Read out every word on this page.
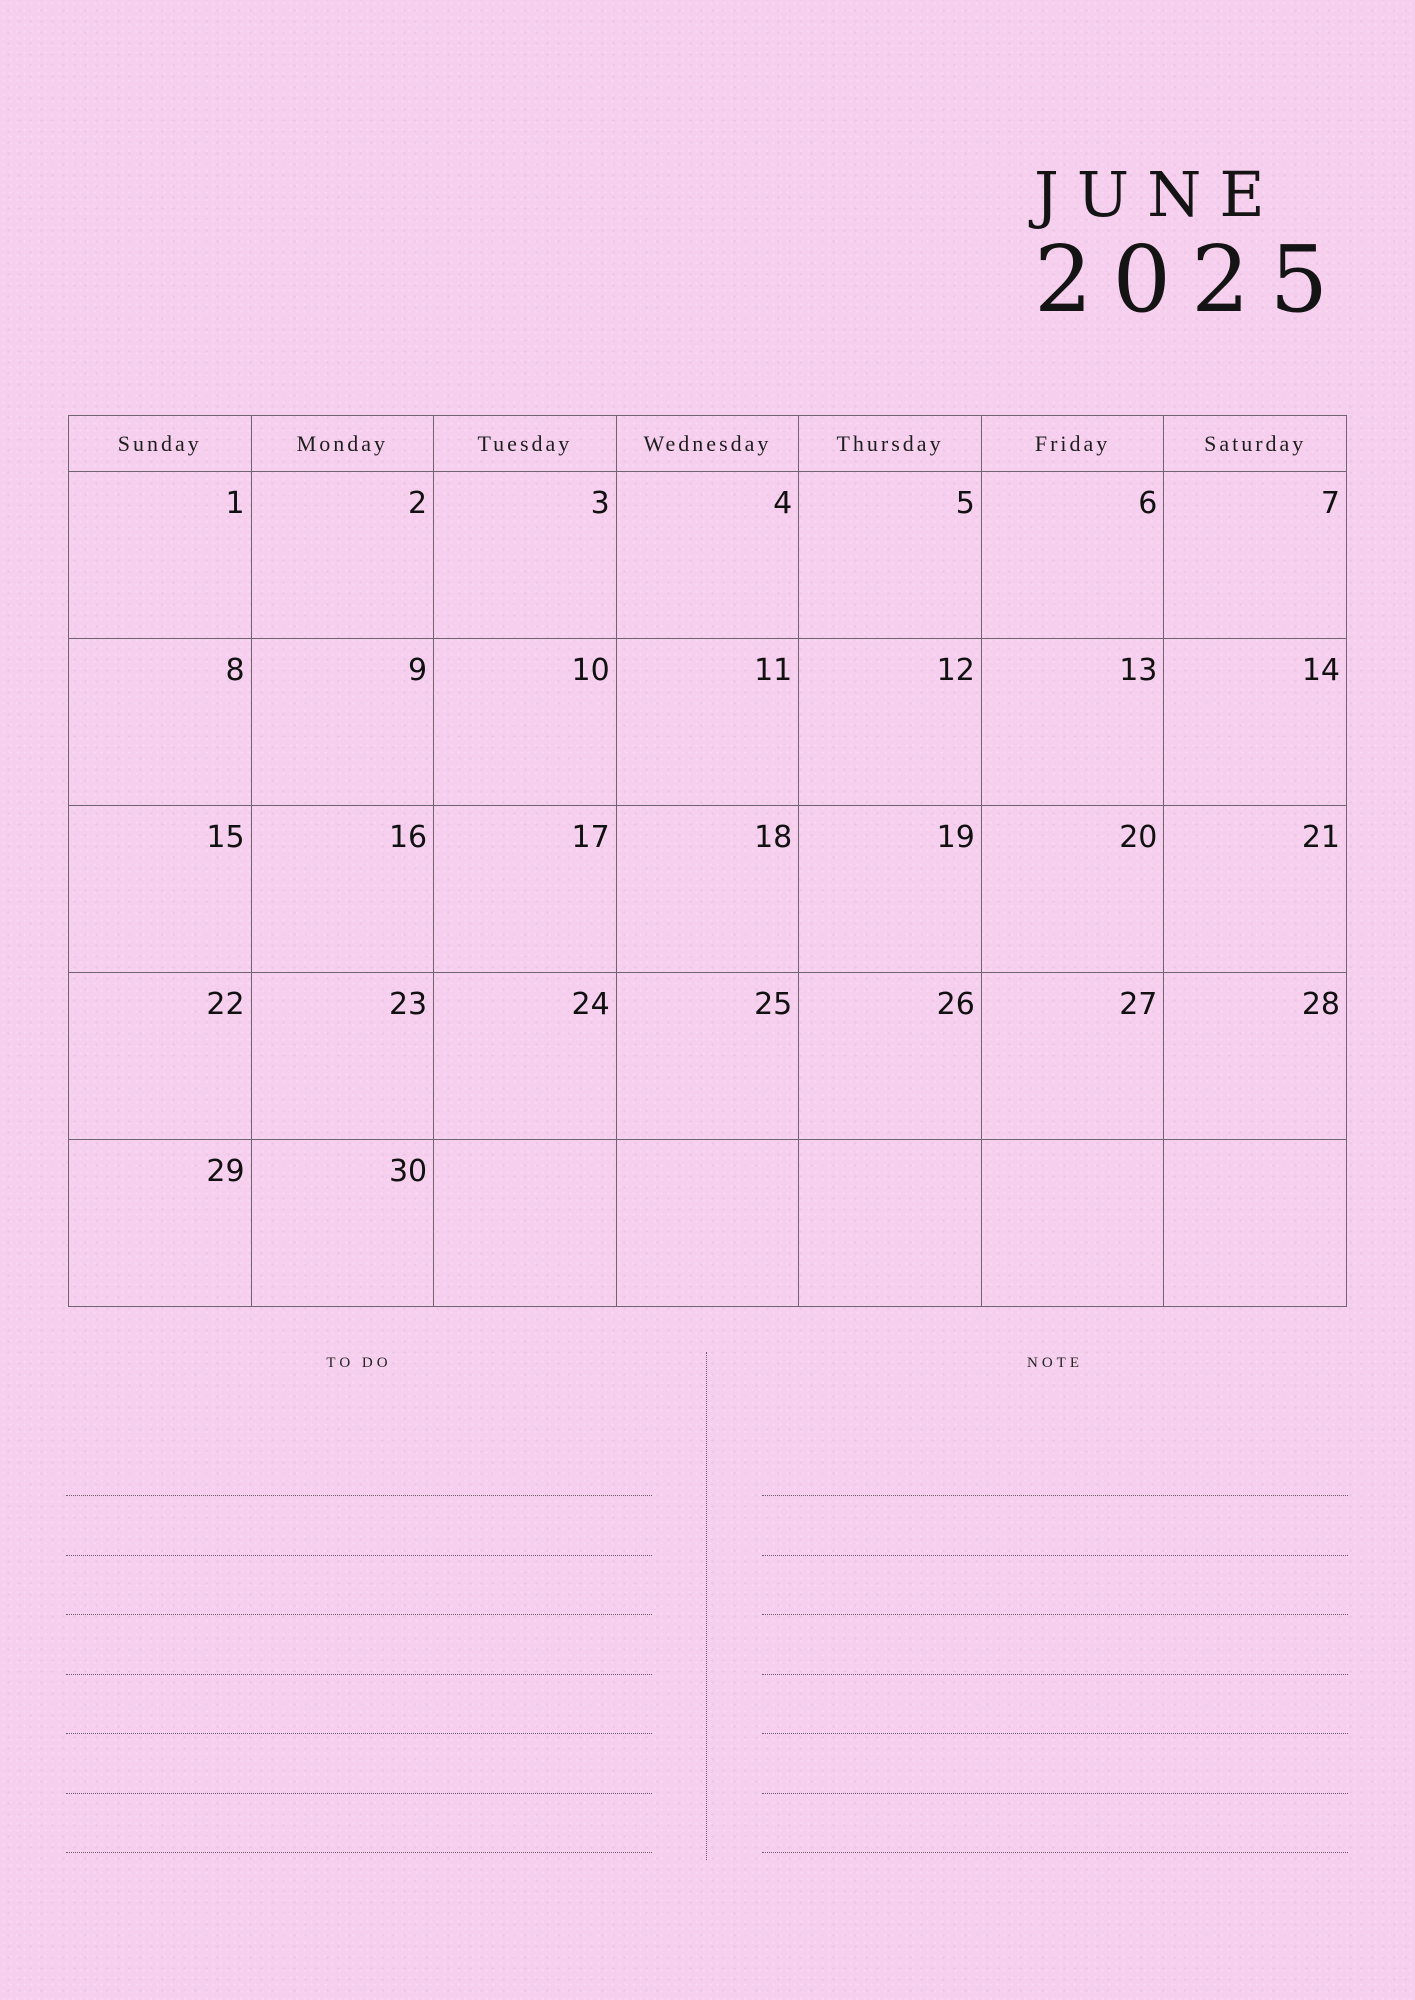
JUNE
2025
Sunday	Monday	Tuesday	Wednesday	Thursday	Friday	Saturday

1	2	3	4	5	6	7

8	9	10	11	12	13	14

15	16	17	18	19	20	21

22	23	24	25	26	27	28

29	30					

TO DO	NOTE
